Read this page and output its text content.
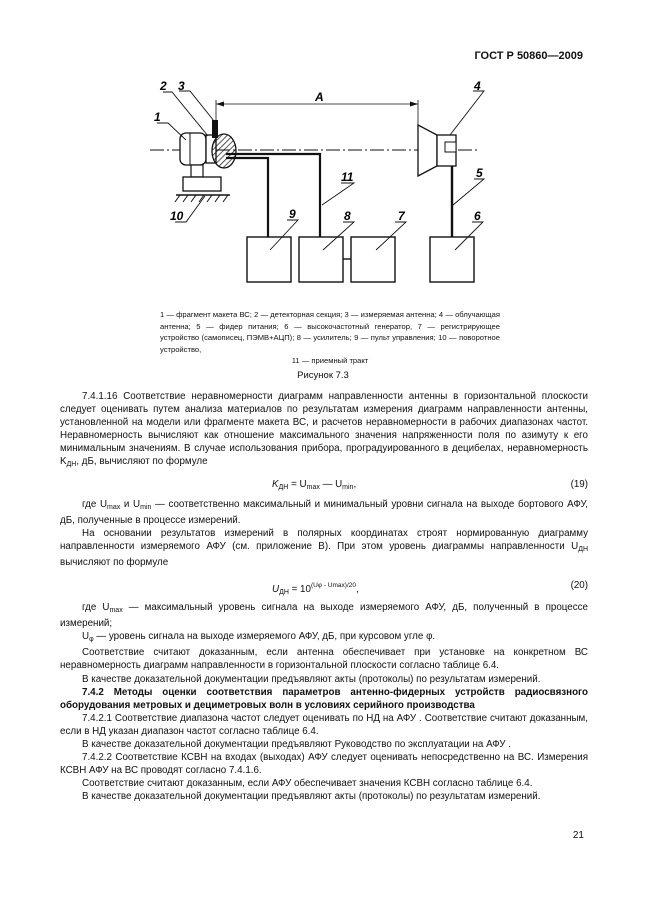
ГОСТ Р 50860—2009
A
1
2 3	4
5
6
7
8
9
10
11

1 — фрагмент макета ВС; 2 — детекторная секция; 3 — измеряемая антенна; 4 — облучающая антенна; 5 — фидер питания; 6 — высокочастотный генератор, 7 — регистрирующее устройство (самописец, ПЭМВ+АЦП); 8 — усилитель; 9 — пульт управления; 10 — поворотное устройство,

11 — приемный тракт

Рисунок 7.3

7.4.1.16 Соответствие неравномерности диаграмм направленности антенны в горизонтальной плоскости следует оценивать путем анализа материалов по результатам измерения диаграмм направленности антенны, установленной на модели или фрагменте макета ВС, и расчетов неравномерности в рабочих диапазонах частот. Неравномерность вычисляют как отношение максимального значения напряженности поля по азимуту к его минимальным значениям. В случае использования прибора, проградуированного в децибелах, неравномерность $K_{ДН}$, дБ, вычисляют по формуле

$K_{ДН} = U_{max}$ — $U_{min}$,	(19)

где $U_{max}$ и $U_{min}$ — соответственно максимальный и минимальный уровни сигнала на выходе бортового АФУ, дБ, полученные в процессе измерений.

На основании результатов измерений в полярных координатах строят нормированную диаграмму направленности измеряемого АФУ (см. приложение В). При этом уровень диаграммы направленности $U_{ДН}$ вычисляют по формуле

$U_{ДН} = 10^{(U\varphi - Umax)/20}$,	(20)

где $U_{max}$ — максимальный уровень сигнала на выходе измеряемого АФУ, дБ, полученный в процессе измерений;

$U_\varphi$ — уровень сигнала на выходе измеряемого АФУ, дБ, при курсовом угле φ.

Соответствие считают доказанным, если антенна обеспечивает при установке на конкретном ВС неравномерность диаграмм направленности в горизонтальной плоскости согласно таблице 6.4.

В качестве доказательной документации предъявляют акты (протоколы) по результатам измерений.

7.4.2 Методы оценки соответствия параметров антенно-фидерных устройств радиосвязного оборудования метровых и дециметровых волн в условиях серийного производства

7.4.2.1 Соответствие диапазона частот следует оценивать по НД на АФУ . Соответствие считают доказанным, если в НД указан диапазон частот согласно таблице 6.4.

В качестве доказательной документации предъявляют Руководство по эксплуатации на АФУ .

7.4.2.2 Соответствие КСВН на входах (выходах) АФУ следует оценивать непосредственно на ВС. Измерения КСВН АФУ на ВС проводят согласно 7.4.1.6.

Соответствие считают доказанным, если АФУ обеспечивает значения КСВН согласно таблице 6.4.

В качестве доказательной документации предъявляют акты (протоколы) по результатам измерений.

21
